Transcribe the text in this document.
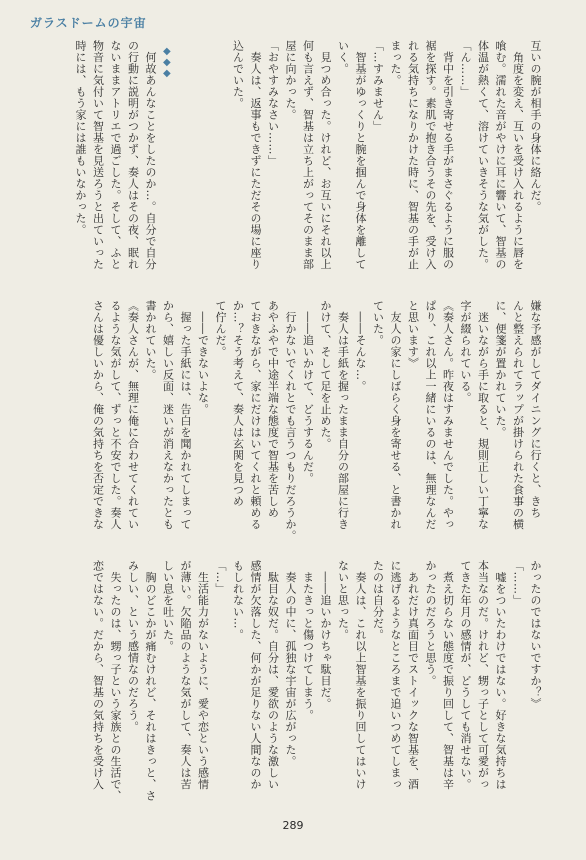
ガラスドームの宇宙
◆
◆
◆	互いの腕が相手の身体に絡んだ。
　角度を変え、互いを受け入れるように唇を
喰む。濡れた音がやけに耳に響いて、智基の
体温が熱くて、溶けていきそうな気がした。
「ん……」
　背中を引き寄せる手がまさぐるように服の
裾を探す。素肌で抱き合うその先を、受け入
れる気持ちになりかけた時に、智基の手が止
まった。
「…すみません」
　智基がゆっくりと腕を掴んで身体を離して
いく。
　見つめ合った。けれど、お互いにそれ以上
何も言えず、智基は立ち上がってそのまま部
屋に向かった。
「おやすみなさい……」
　奏人は、返事もできずにただその場に座り
込んでいた。

　何故あんなことをしたのか…。自分で自分
の行動に説明がつかず、奏人はその夜、眠れ
ないままアトリエで過ごした。そして、ふと
物音に気付いて智基を見送ろうと出ていった
時には、もう家には誰もいなかった。
嫌な予感がしてダイニングに行くと、きち
んと整えられてラップが掛けられた食事の横
に、便箋が置かれていた。
　迷いながら手に取ると、規則正しい丁寧な
字が綴られている。
《奏人さん。昨夜はすみませんでした。やっ
ぱり、これ以上一緒にいるのは、無理なんだ
と思います》
　友人の家にしばらく身を寄せる、と書かれ
ていた。
　――そんな…。
　奏人は手紙を握ったまま自分の部屋に行き
かけて、そして足を止めた。
　――追いかけて、どうするんだ。
　行かないでくれとでも言うつもりだろうか。
あやふやで中途半端な態度で智基を苦しめ
ておきながら、家にだけはいてくれと頼める
か…？そう考えて、奏人は玄関を見つめ
て佇んだ。
　――できないよな。
　握った手紙には、告白を聞かれてしまって
から、嬉しい反面、迷いが消えなかったとも
書かれていた。
《奏人さんが、無理に俺に合わせてくれてい
るような気がして、ずっと不安でした。奏人
さんは優しいから、俺の気持ちを否定できな
かったのではないですか？》
「……」
　嘘をついたわけではない。好きな気持ちは
本当なのだ。けれど、甥っ子として可愛がっ
てきた年月の感情が、どうしても消せない。
　煮え切らない態度で振り回して、智基は辛
かったのだろうと思う。
　あれだけ真面目でストイックな智基を、酒
に逃げるようなところまで追いつめてしまっ
たのは自分だ。
　奏人は、これ以上智基を振り回してはいけ
ないと思った。
　――追いかけちゃ駄目だ。
　またきっと傷つけてしまう。
　奏人の中に、孤独な宇宙が広がった。
　駄目な奴だ。自分は、愛欲のような激しい
感情が欠落した、何かが足りない人間なのか
もしれない…。
「…」
　生活能力がないように、愛や恋という感情
が薄い。欠陥品のような気がして、奏人は苦
しい息を吐いた。
　胸のどこかが痛むけれど、それはきっと、さ
みしい、という感情なのだろう。
　失ったのは、甥っ子という家族との生活で、
恋ではない。だから、智基の気持ちを受け入
289
